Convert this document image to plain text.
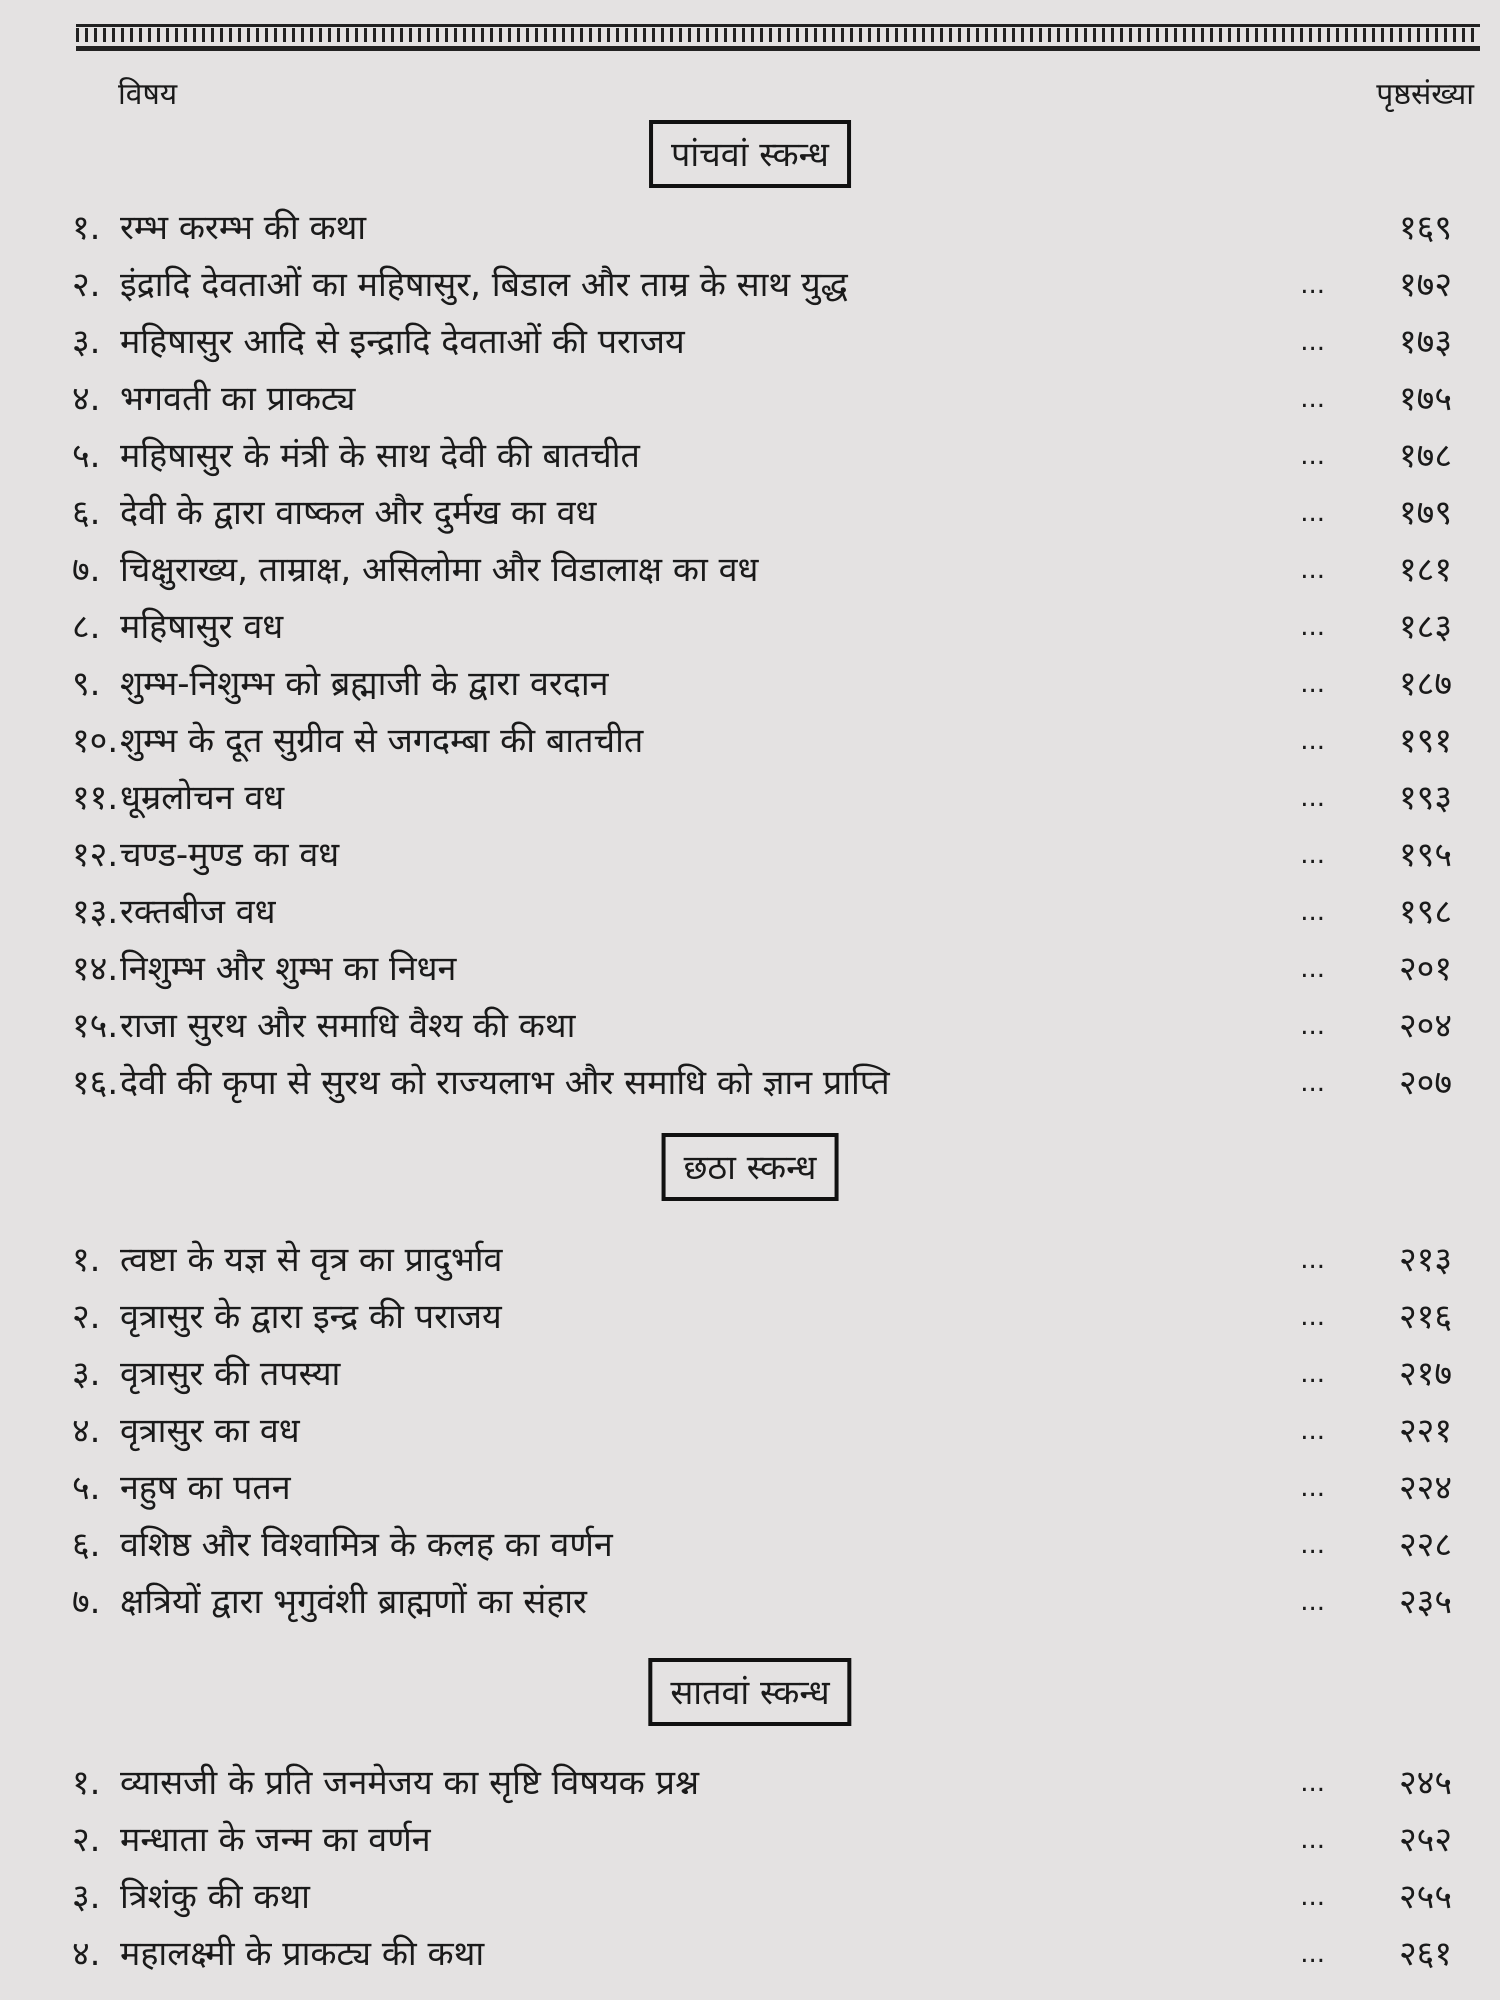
विषय	पृष्ठसंख्या
पांचवां स्कन्ध
१. रम्भ करम्भ की कथा	१६९
२. इंद्रादि देवताओं का महिषासुर, बिडाल और ताम्र के साथ युद्ध	...	१७२
३. महिषासुर आदि से इन्द्रादि देवताओं की पराजय	...	१७३
४. भगवती का प्राकट्य	...	१७५
५. महिषासुर के मंत्री के साथ देवी की बातचीत	...	१७८
६. देवी के द्वारा वाष्कल और दुर्मख का वध	...	१७९
७. चिक्षुराख्य, ताम्राक्ष, असिलोमा और विडालाक्ष का वध	...	१८१
८. महिषासुर वध	...	१८३
९. शुम्भ-निशुम्भ को ब्रह्माजी के द्वारा वरदान	...	१८७
१०.शुम्भ के दूत सुग्रीव से जगदम्बा की बातचीत	...	१९१
११.धूम्रलोचन वध	...	१९३
१२.चण्ड-मुण्ड का वध	...	१९५
१३.रक्तबीज वध	...	१९८
१४.निशुम्भ और शुम्भ का निधन	...	२०१
१५.राजा सुरथ और समाधि वैश्य की कथा	...	२०४
१६.देवी की कृपा से सुरथ को राज्यलाभ और समाधि को ज्ञान प्राप्ति	...	२०७
छठा स्कन्ध
१. त्वष्टा के यज्ञ से वृत्र का प्रादुर्भाव	...	२१३
२. वृत्रासुर के द्वारा इन्द्र की पराजय	...	२१६
३. वृत्रासुर की तपस्या	...	२१७
४. वृत्रासुर का वध	...	२२१
५. नहुष का पतन	...	२२४
६. वशिष्ठ और विश्वामित्र के कलह का वर्णन	...	२२८
७. क्षत्रियों द्वारा भृगुवंशी ब्राह्मणों का संहार	...	२३५
सातवां स्कन्ध
१. व्यासजी के प्रति जनमेजय का सृष्टि विषयक प्रश्न	...	२४५
२. मन्धाता के जन्म का वर्णन	...	२५२
३. त्रिशंकु की कथा	...	२५५
४. महालक्ष्मी के प्राकट्य की कथा	...	२६१
